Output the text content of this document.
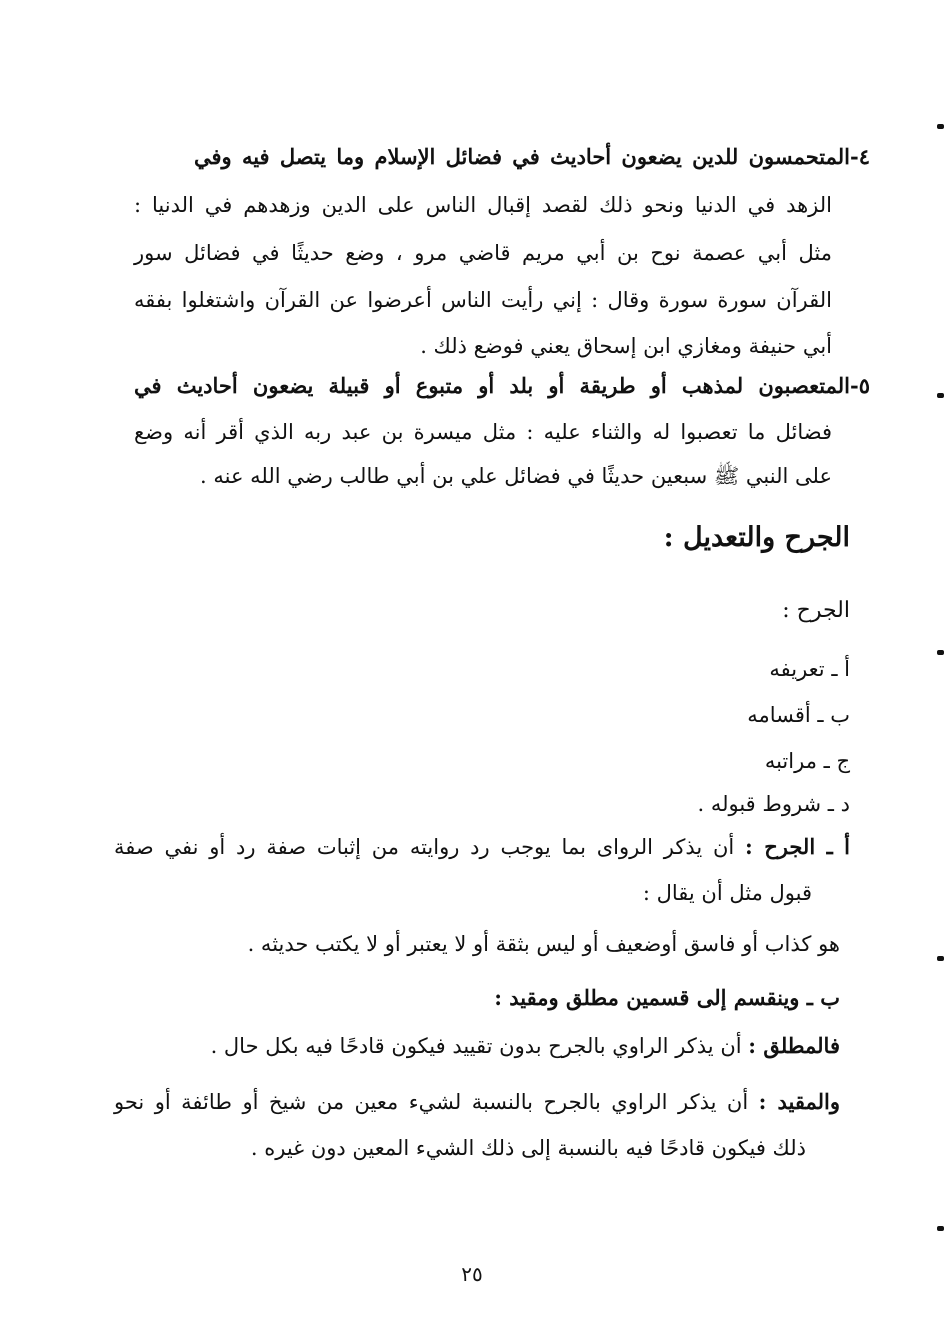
٤-المتحمسون للدين يضعون أحاديث في فضائل الإسلام وما يتصل فيه وفي
الزهد في الدنيا ونحو ذلك لقصد إقبال الناس على الدين وزهدهم في الدنيا :
مثل أبي عصمة نوح بن أبي مريم قاضي مرو ، وضع حديثًا في فضائل سور
القرآن سورة سورة وقال : إني رأيت الناس أعرضوا عن القرآن واشتغلوا بفقه
أبي حنيفة ومغازي ابن إسحاق يعني فوضع ذلك .
٥-المتعصبون لمذهب أو طريقة أو بلد أو متبوع أو قبيلة يضعون أحاديث في
فضائل ما تعصبوا له والثناء عليه : مثل ميسرة بن عبد ربه الذي أقر أنه وضع
على النبي ﷺ سبعين حديثًا في فضائل علي بن أبي طالب رضي الله عنه .
الجرح والتعديل :
الجرح :
أ ـ تعريفه
ب ـ أقسامه
ج ـ مراتبه
د ـ شروط قبوله .
أ ـ الجرح : أن يذكر الرواى بما يوجب رد روايته من إثبات صفة رد أو نفي صفة
قبول مثل أن يقال :
هو كذاب أو فاسق أوضعيف أو ليس بثقة أو لا يعتبر أو لا يكتب حديثه .
ب ـ وينقسم إلى قسمين مطلق ومقيد :
فالمطلق : أن يذكر الراوي بالجرح بدون تقييد فيكون قادحًا فيه بكل حال .
والمقيد : أن يذكر الراوي بالجرح بالنسبة لشيء معين من شيخ أو طائفة أو نحو
ذلك فيكون قادحًا فيه بالنسبة إلى ذلك الشيء المعين دون غيره .
٢٥
